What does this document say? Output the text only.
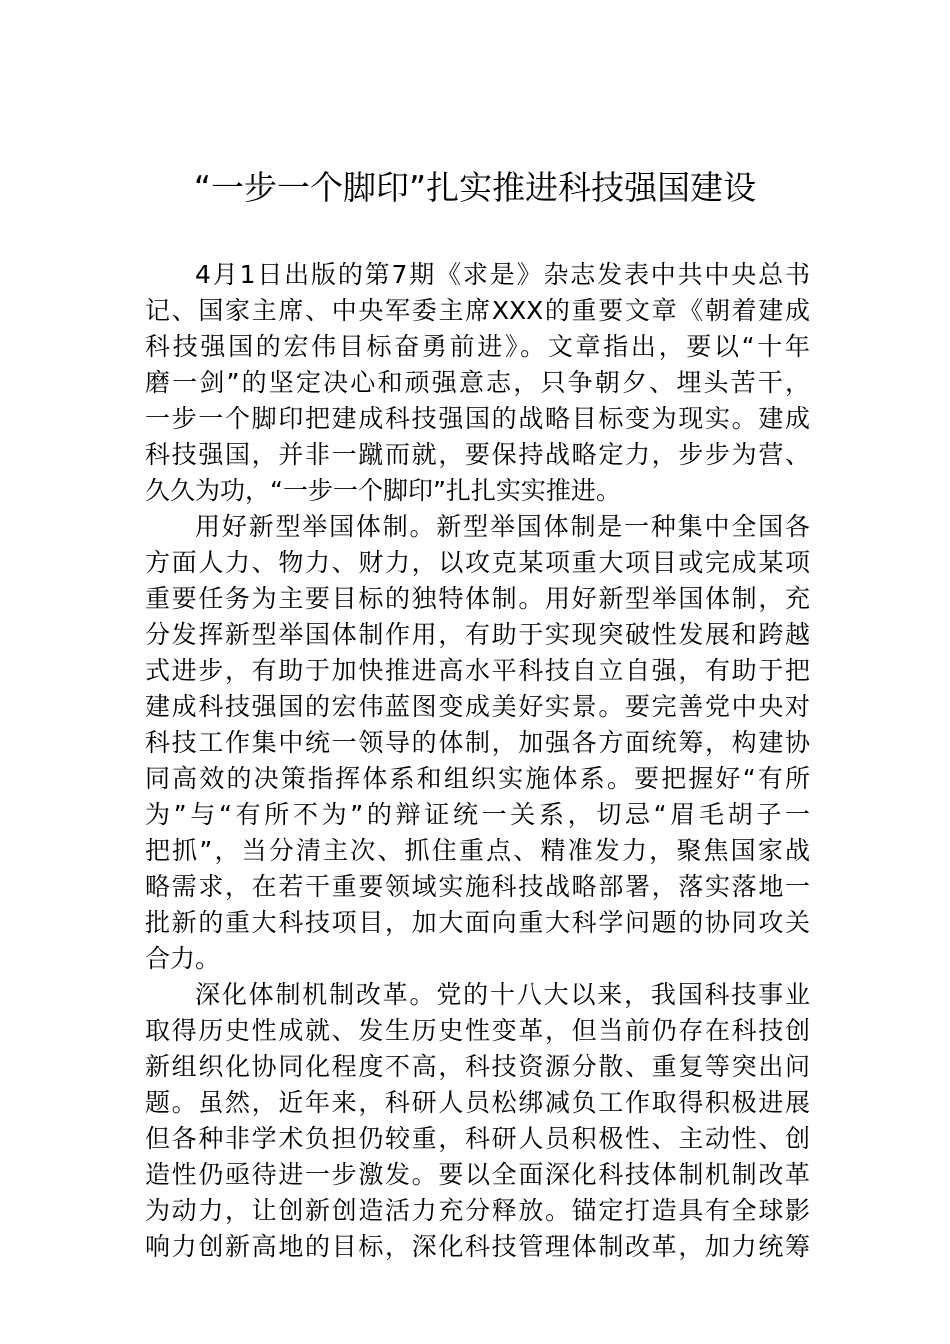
“一步一个脚印”扎实推进科技强国建设

4月1日出版的第7期《求是》杂志发表中共中央总书
记、国家主席、中央军委主席XXX的重要文章《朝着建成
科技强国的宏伟目标奋勇前进》。文章指出，要以“十年
磨一剑”的坚定决心和顽强意志，只争朝夕、埋头苦干，
一步一个脚印把建成科技强国的战略目标变为现实。建成
科技强国，并非一蹴而就，要保持战略定力，步步为营、
久久为功，“一步一个脚印”扎扎实实推进。

用好新型举国体制。新型举国体制是一种集中全国各
方面人力、物力、财力，以攻克某项重大项目或完成某项
重要任务为主要目标的独特体制。用好新型举国体制，充
分发挥新型举国体制作用，有助于实现突破性发展和跨越
式进步，有助于加快推进高水平科技自立自强，有助于把
建成科技强国的宏伟蓝图变成美好实景。要完善党中央对
科技工作集中统一领导的体制，加强各方面统筹，构建协
同高效的决策指挥体系和组织实施体系。要把握好“有所
为”与“有所不为”的辩证统一关系，切忌“眉毛胡子一
把抓”，当分清主次、抓住重点、精准发力，聚焦国家战
略需求，在若干重要领域实施科技战略部署，落实落地一
批新的重大科技项目，加大面向重大科学问题的协同攻关
合力。

深化体制机制改革。党的十八大以来，我国科技事业
取得历史性成就、发生历史性变革，但当前仍存在科技创
新组织化协同化程度不高，科技资源分散、重复等突出问
题。虽然，近年来，科研人员松绑减负工作取得积极进展
但各种非学术负担仍较重，科研人员积极性、主动性、创
造性仍亟待进一步激发。要以全面深化科技体制机制改革
为动力，让创新创造活力充分释放。锚定打造具有全球影
响力创新高地的目标，深化科技管理体制改革，加力统筹
